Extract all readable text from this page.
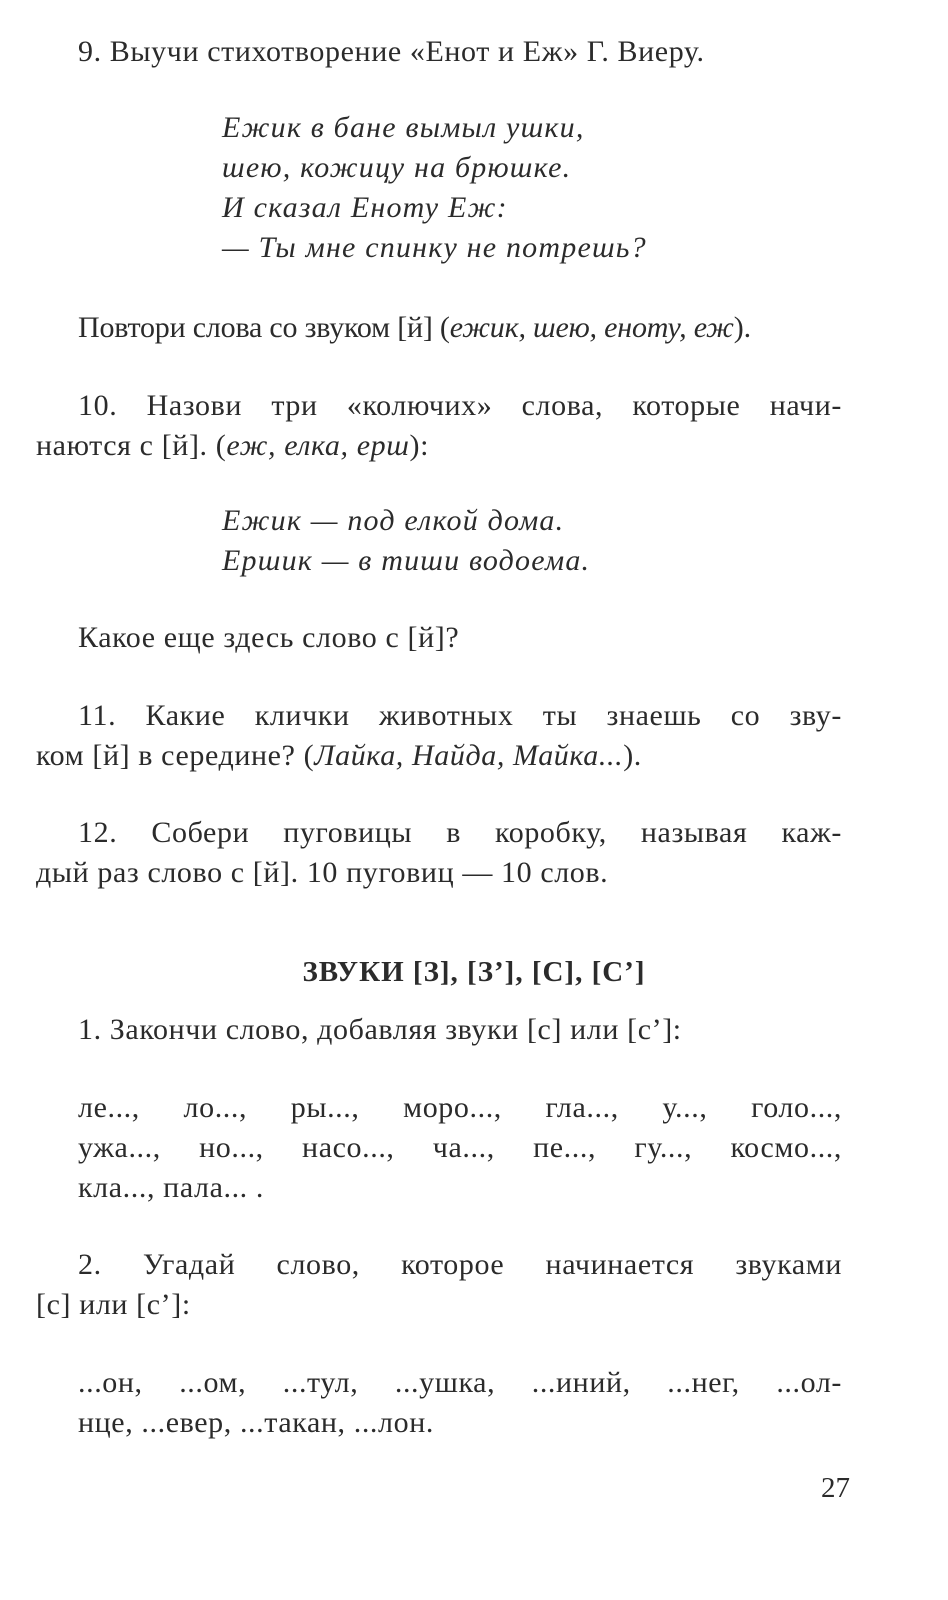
9. Выучи стихотворение «Енот и Еж» Г. Виеру.
Ежик в бане вымыл ушки,
шею, кожицу на брюшке.
И сказал Еноту Еж:
— Ты мне спинку не потрешь?
Повтори слова со звуком [й] (ежик, шею, еноту, еж).
10. Назови три «колючих» слова, которые начи-
наются с [й]. (еж, елка, ерш):
Ежик — под елкой дома.
Ершик — в тиши водоема.
Какое еще здесь слово с [й]?
11. Какие клички животных ты знаешь со зву-
ком [й] в середине? (Лайка, Найда, Майка...).
12. Собери пуговицы в коробку, называя каж-
дый раз слово с [й]. 10 пуговиц — 10 слов.
ЗВУКИ [З], [З’], [С], [С’]
1. Закончи слово, добавляя звуки [с] или [с’]:
ле..., ло..., ры..., моро..., гла..., у..., голо...,
ужа..., но..., насо..., ча..., пе..., гу..., космо...,
кла..., пала... .
2. Угадай слово, которое начинается звуками
[с] или [с’]:
...он, ...ом, ...тул, ...ушка, ...иний, ...нег, ...ол-
нце, ...евер, ...такан, ...лон.
27
